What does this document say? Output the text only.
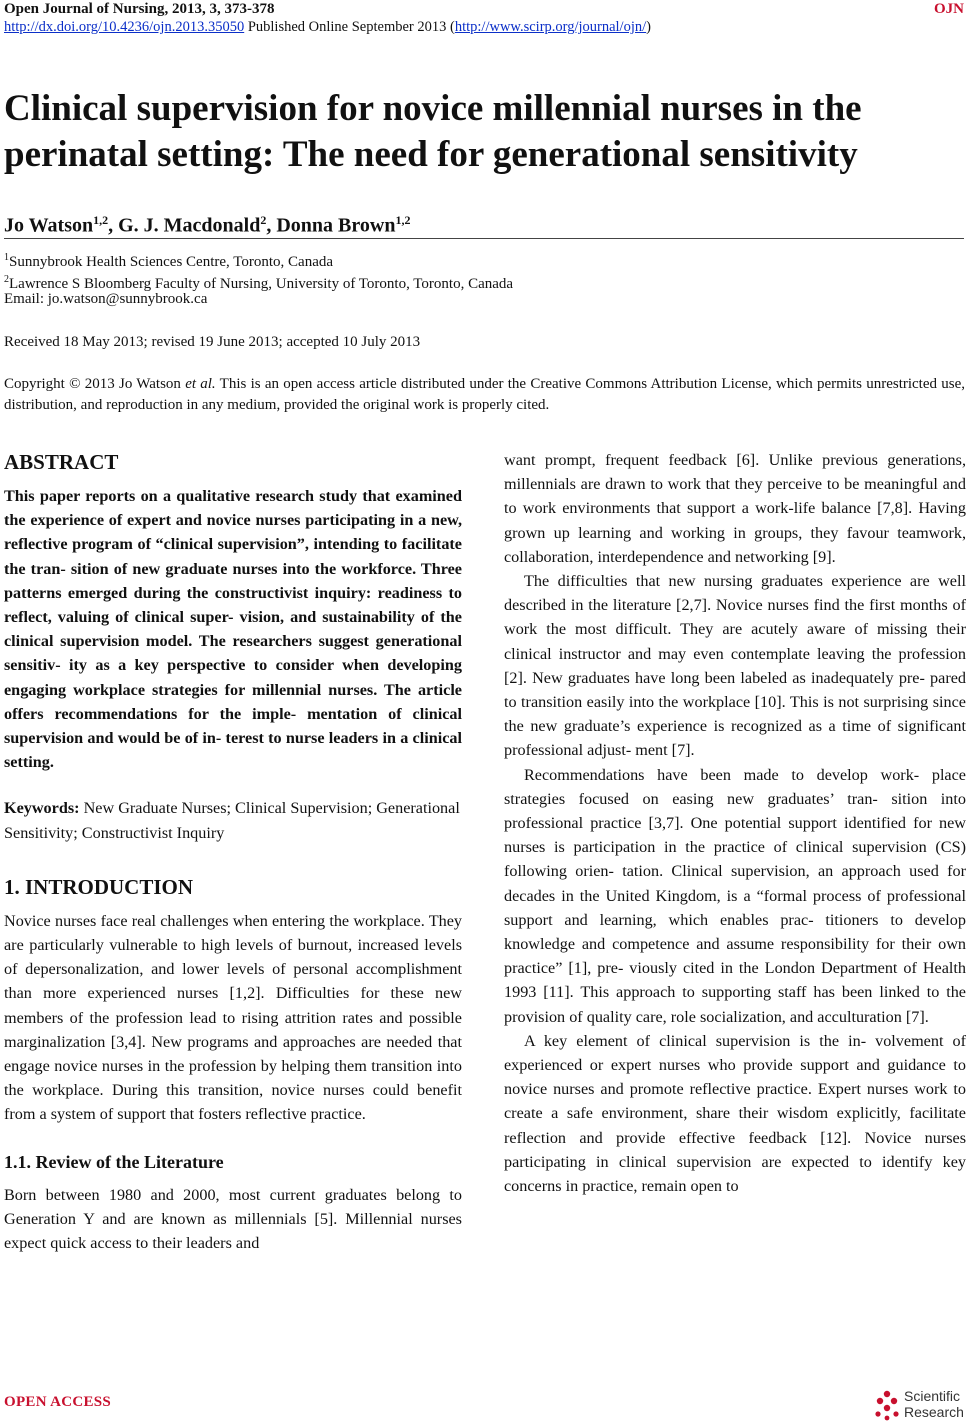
Open Journal of Nursing, 2013, 3, 373-378	OJN
http://dx.doi.org/10.4236/ojn.2013.35050 Published Online September 2013 (http://www.scirp.org/journal/ojn/)
Clinical supervision for novice millennial nurses in the
perinatal setting: The need for generational sensitivity
Jo Watson$^{1,2}$, G. J. Macdonald$^2$, Donna Brown$^{1,2}$
$^1$Sunnybrook Health Sciences Centre, Toronto, Canada
$^2$Lawrence S Bloomberg Faculty of Nursing, University of Toronto, Toronto, Canada
Email: jo.watson@sunnybrook.ca
Received 18 May 2013; revised 19 June 2013; accepted 10 July 2013
Copyright © 2013 Jo Watson et al. This is an open access article distributed under the Creative Commons Attribution License, which permits unrestricted use, distribution, and reproduction in any medium, provided the original work is properly cited.
ABSTRACT

This paper reports on a qualitative research study that examined the experience of expert and novice nurses participating in a new, reflective program of “clinical supervision”, intending to facilitate the tran- sition of new graduate nurses into the workforce. Three patterns emerged during the constructivist inquiry: readiness to reflect, valuing of clinical super- vision, and sustainability of the clinical supervision model. The researchers suggest generational sensitiv- ity as a key perspective to consider when developing engaging workplace strategies for millennial nurses. The article offers recommendations for the imple- mentation of clinical supervision and would be of in- terest to nurse leaders in a clinical setting.

Keywords: New Graduate Nurses; Clinical Supervision; Generational Sensitivity; Constructivist Inquiry

1. INTRODUCTION

Novice nurses face real challenges when entering the workplace. They are particularly vulnerable to high levels of burnout, increased levels of depersonalization, and lower levels of personal accomplishment than more experienced nurses [1,2]. Difficulties for these new members of the profession lead to rising attrition rates and possible marginalization [3,4]. New programs and approaches are needed that engage novice nurses in the profession by helping them transition into the workplace. During this transition, novice nurses could benefit from a system of support that fosters reflective practice.

1.1. Review of the Literature

Born between 1980 and 2000, most current graduates belong to Generation Y and are known as millennials [5]. Millennial nurses expect quick access to their leaders and

want prompt, frequent feedback [6]. Unlike previous generations, millennials are drawn to work that they perceive to be meaningful and to work environments that support a work-life balance [7,8]. Having grown up learning and working in groups, they favour teamwork, collaboration, interdependence and networking [9].

The difficulties that new nursing graduates experience are well described in the literature [2,7]. Novice nurses find the first months of work the most difficult. They are acutely aware of missing their clinical instructor and may even contemplate leaving the profession [2]. New graduates have long been labeled as inadequately pre- pared to transition easily into the workplace [10]. This is not surprising since the new graduate’s experience is recognized as a time of significant professional adjust- ment [7].

Recommendations have been made to develop work- place strategies focused on easing new graduates’ tran- sition into professional practice [3,7]. One potential support identified for new nurses is participation in the practice of clinical supervision (CS) following orien- tation. Clinical supervision, an approach used for decades in the United Kingdom, is a “formal process of professional support and learning, which enables prac- titioners to develop knowledge and competence and assume responsibility for their own practice” [1], pre- viously cited in the London Department of Health 1993 [11]. This approach to supporting staff has been linked to the provision of quality care, role socialization, and acculturation [7].

A key element of clinical supervision is the in- volvement of experienced or expert nurses who provide support and guidance to novice nurses and promote reflective practice. Expert nurses work to create a safe environment, share their wisdom explicitly, facilitate reflection and provide effective feedback [12]. Novice nurses participating in clinical supervision are expected to identify key concerns in practice, remain open to

OPEN ACCESS	Scientific
Research
